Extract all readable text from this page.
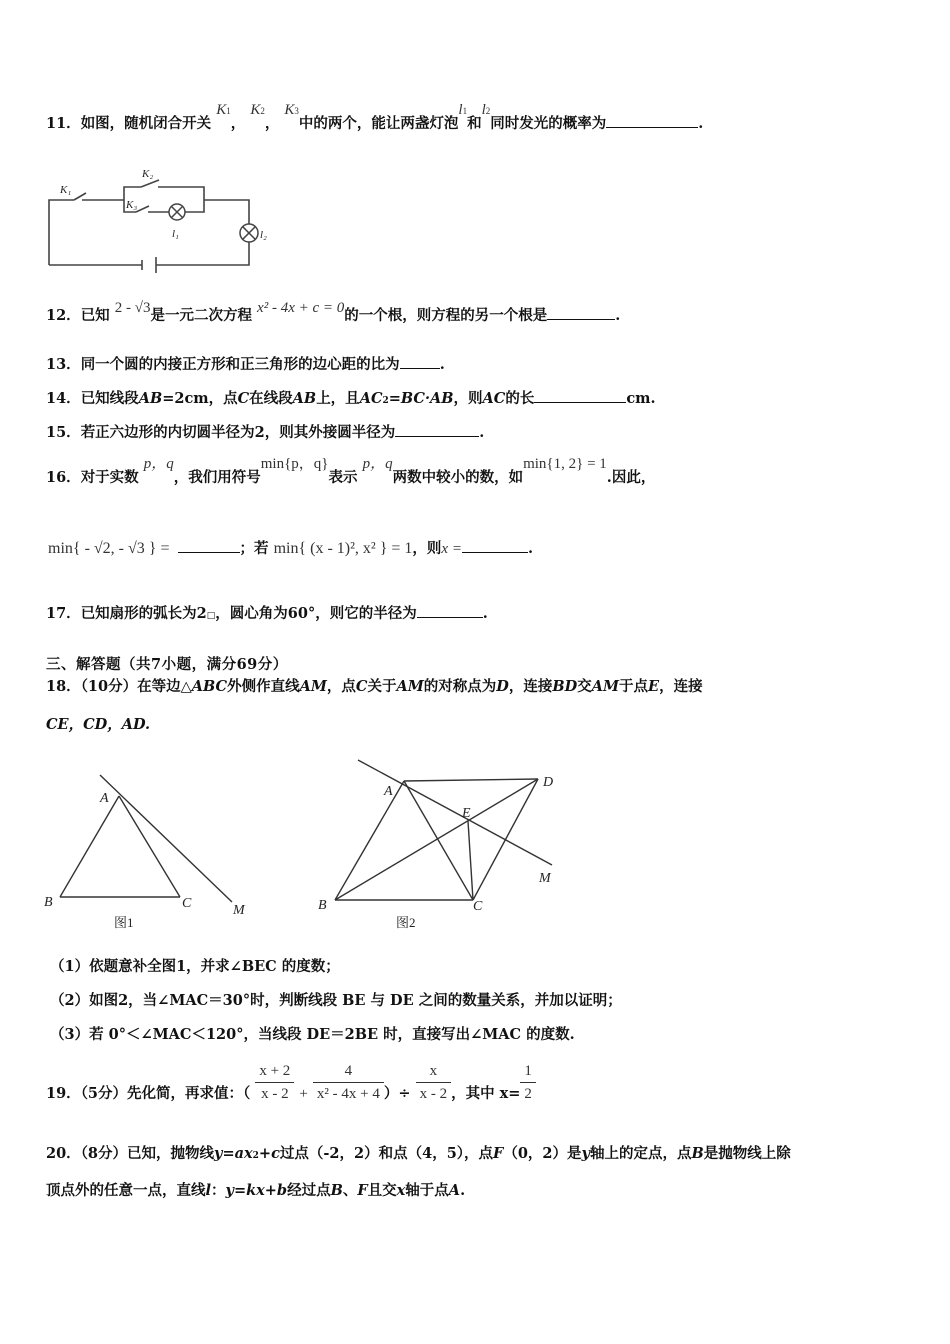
11．如图，随机闭合开关 K1， K2， K3中的两个，能让两盏灯泡l1和l2同时发光的概率为	.
K₁
K₂
K₃
l₁	l₂
12．已知 2 - √3是一元二次方程 x² - 4x + c = 0的一个根，则方程的另一个根是	.
13．同一个圆的内接正方形和正三角形的边心距的比为	.
14．已知线段AB=2cm，点C在线段AB上，且AC2=BC·AB，则AC的长	cm.
15．若正六边形的内切圆半径为2，则其外接圆半径为	.
16．对于实数 p，q，我们用符号min{p，q}表示 p，q两数中较小的数，如min{1, 2} = 1.因此，
min{ - √2, - √3 } =	；若 min{ (x - 1)², x² } = 1，则x =	.
17．已知扇形的弧长为2□，圆心角为60°，则它的半径为	.
三、解答题（共7小题，满分69分）
18．（10分）在等边△ABC外侧作直线AM，点C关于AM的对称点为D，连接BD交AM于点E，连接
CE，CD，AD.
A
B	C	M
图1
A
B	C
D
E
M
图2
（1）依题意补全图1，并求∠BEC 的度数；
（2）如图2，当∠MAC＝30°时，判断线段 BE 与 DE 之间的数量关系，并加以证明；
（3）若 0°＜∠MAC＜120°，当线段 DE＝2BE 时，直接写出∠MAC 的度数.
19．（5分）先化简，再求值：（ $\frac{x + 2}{x - 2} + \frac{4}{\text{x² - 4x + 4}}$ ）÷ $\frac{x}{x - 2}$ ，其中 $x= \frac{1}{2}$
20．（8分）已知，抛物线y=ax2+c过点（-2，2）和点（4，5），点F（0，2）是y轴上的定点，点B是抛物线上除
顶点外的任意一点，直线l：y=kx+b经过点B、F且交x轴于点A.
